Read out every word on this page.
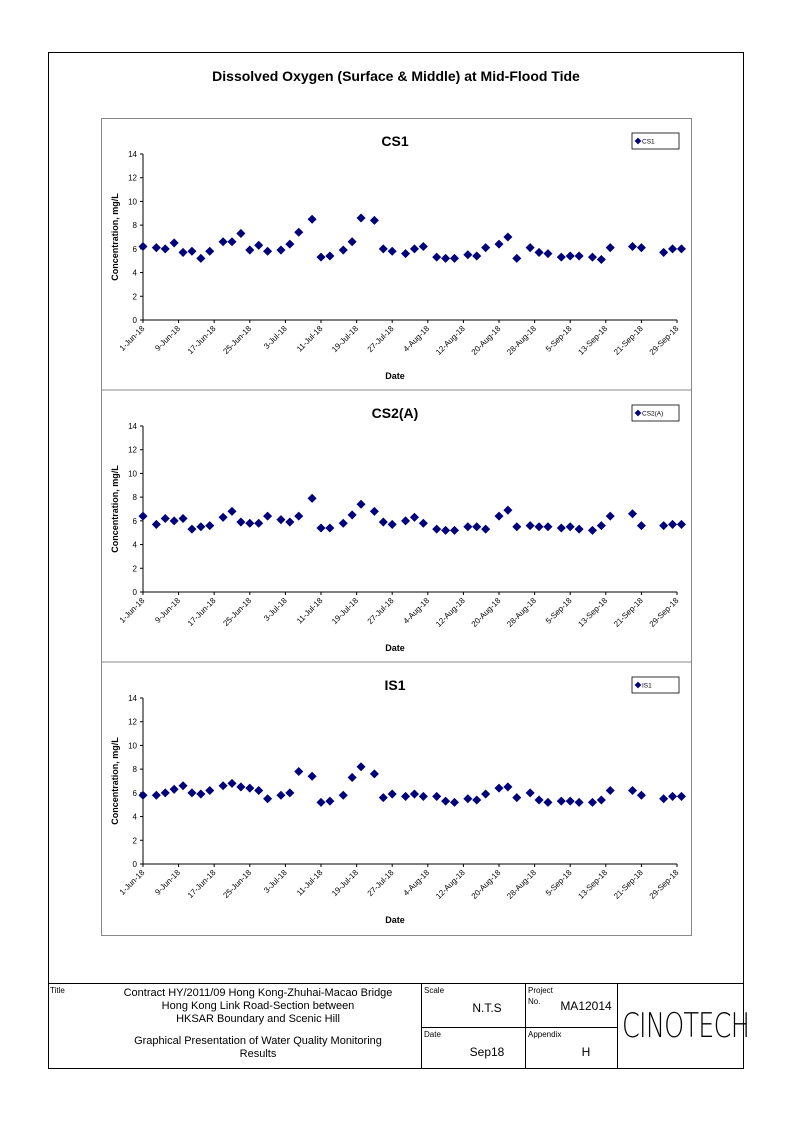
Dissolved Oxygen (Surface & Middle) at Mid-Flood Tide
CS1
0
2
4
6
8
10
12
14
1-Jun-18 9-Jun-18 17-Jun-18 25-Jun-18 3-Jul-18 11-Jul-18 19-Jul-18 27-Jul-18 4-Aug-18 12-Aug-18 20-Aug-18 28-Aug-18 5-Sep-18 13-Sep-18 21-Sep-18 29-Sep-18
Date
Concentration, mg/L
CS1
CS2(A)
0
2
4
6
8
10
12
14
1-Jun-18 9-Jun-18 17-Jun-18 25-Jun-18 3-Jul-18 11-Jul-18 19-Jul-18 27-Jul-18 4-Aug-18 12-Aug-18 20-Aug-18 28-Aug-18 5-Sep-18 13-Sep-18 21-Sep-18 29-Sep-18
Date
Concentration, mg/L
CS2(A)
IS1
0
2
4
6
8
10
12
14
1-Jun-18 9-Jun-18 17-Jun-18 25-Jun-18 3-Jul-18 11-Jul-18 19-Jul-18 27-Jul-18 4-Aug-18 12-Aug-18 20-Aug-18 28-Aug-18 5-Sep-18 13-Sep-18 21-Sep-18 29-Sep-18
Date
Concentration, mg/L
IS1
Title	Contract HY/2011/09 Hong Kong-Zhuhai-Macao Bridge
Hong Kong Link Road-Section between
HKSAR Boundary and Scenic Hill
Graphical Presentation of Water Quality Monitoring
Results
Scale
N.T.S
Date
Sep18
Project
No.	MA12014
Appendix
H
CINOTECH
